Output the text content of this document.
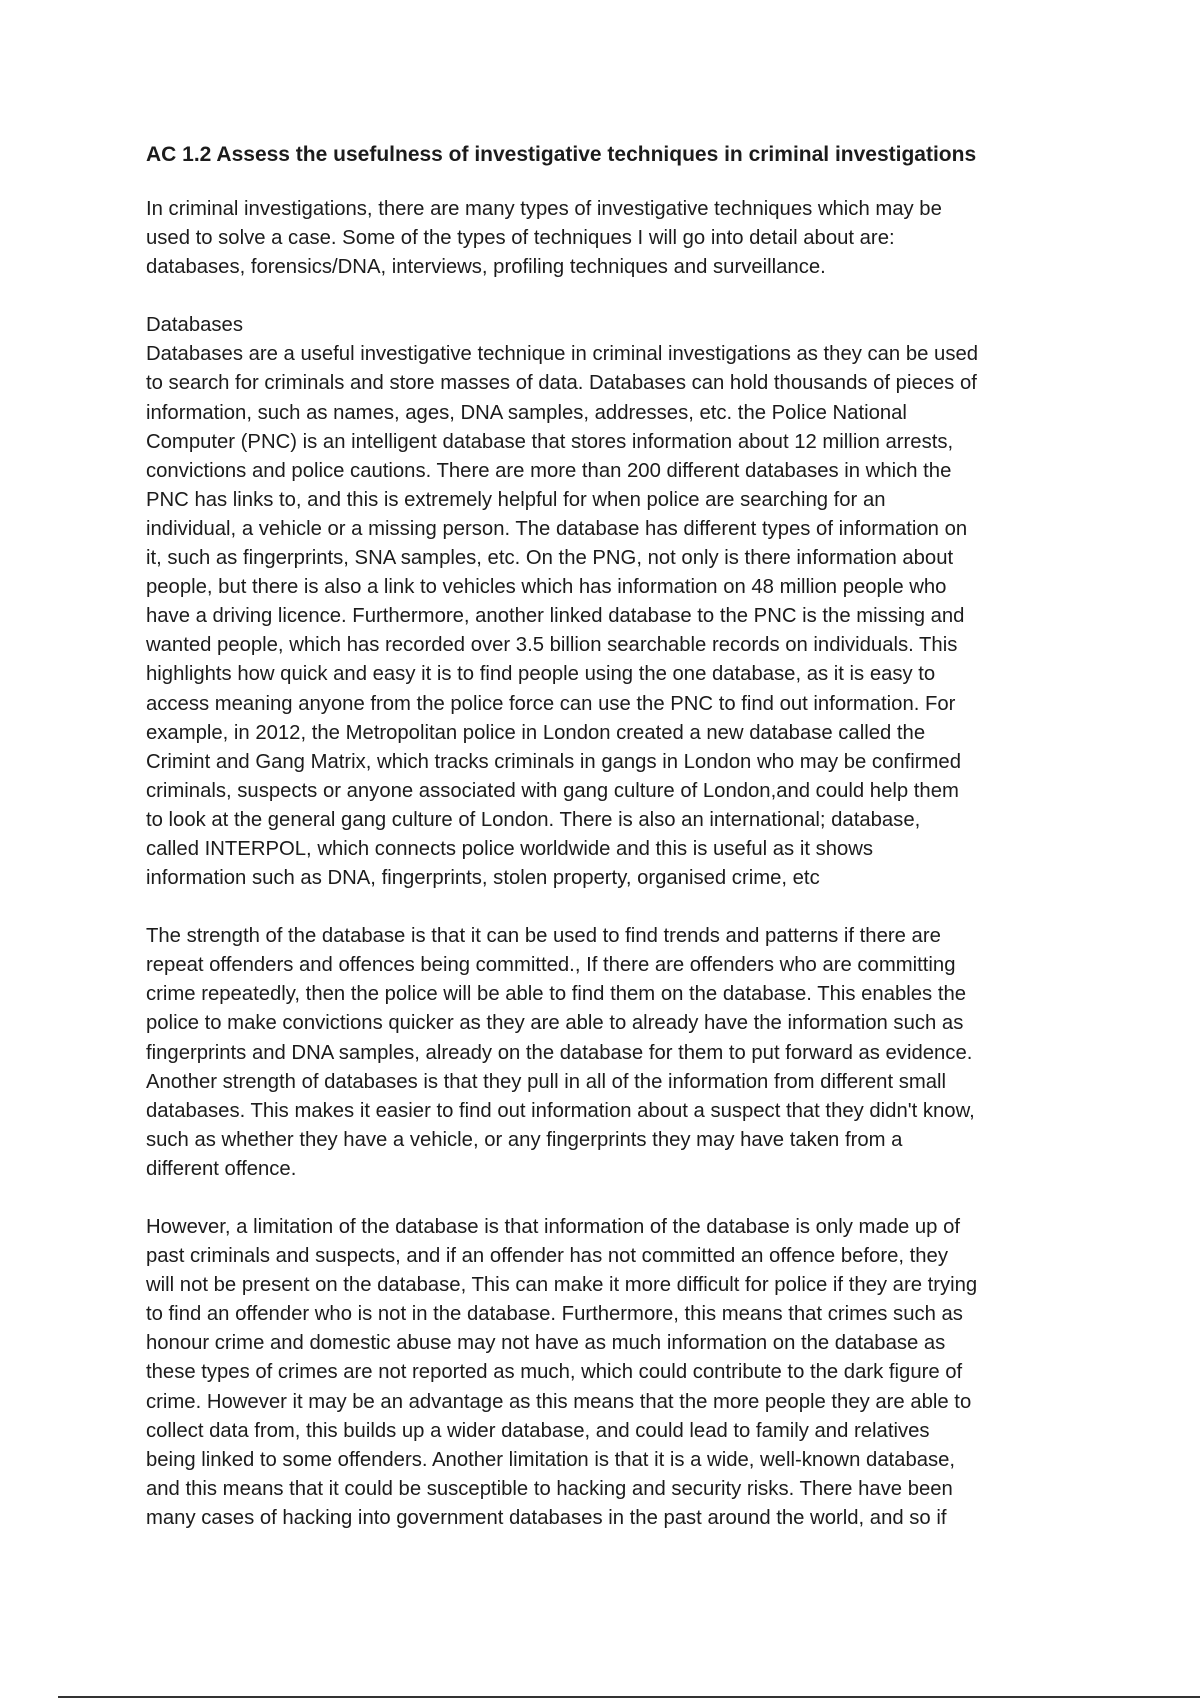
AC 1.2 Assess the usefulness of investigative techniques in criminal investigations

In criminal investigations, there are many types of investigative techniques which may be
used to solve a case. Some of the types of techniques I will go into detail about are:
databases, forensics/DNA, interviews, profiling techniques and surveillance.

Databases

Databases are a useful investigative technique in criminal investigations as they can be used
to search for criminals and store masses of data. Databases can hold thousands of pieces of
information, such as names, ages, DNA samples, addresses, etc. the Police National
Computer (PNC) is an intelligent database that stores information about 12 million arrests,
convictions and police cautions. There are more than 200 different databases in which the
PNC has links to, and this is extremely helpful for when police are searching for an
individual, a vehicle or a missing person. The database has different types of information on
it, such as fingerprints, SNA samples, etc. On the PNG, not only is there information about
people, but there is also a link to vehicles which has information on 48 million people who
have a driving licence. Furthermore, another linked database to the PNC is the missing and
wanted people, which has recorded over 3.5 billion searchable records on individuals. This
highlights how quick and easy it is to find people using the one database, as it is easy to
access meaning anyone from the police force can use the PNC to find out information. For
example, in 2012, the Metropolitan police in London created a new database called the
Crimint and Gang Matrix, which tracks criminals in gangs in London who may be confirmed
criminals, suspects or anyone associated with gang culture of London,and could help them
to look at the general gang culture of London. There is also an international; database,
called INTERPOL, which connects police worldwide and this is useful as it shows
information such as DNA, fingerprints, stolen property, organised crime, etc

The strength of the database is that it can be used to find trends and patterns if there are
repeat offenders and offences being committed., If there are offenders who are committing
crime repeatedly, then the police will be able to find them on the database. This enables the
police to make convictions quicker as they are able to already have the information such as
fingerprints and DNA samples, already on the database for them to put forward as evidence.
Another strength of databases is that they pull in all of the information from different small
databases. This makes it easier to find out information about a suspect that they didn't know,
such as whether they have a vehicle, or any fingerprints they may have taken from a
different offence.

However, a limitation of the database is that information of the database is only made up of
past criminals and suspects, and if an offender has not committed an offence before, they
will not be present on the database, This can make it more difficult for police if they are trying
to find an offender who is not in the database. Furthermore, this means that crimes such as
honour crime and domestic abuse may not have as much information on the database as
these types of crimes are not reported as much, which could contribute to the dark figure of
crime. However it may be an advantage as this means that the more people they are able to
collect data from, this builds up a wider database, and could lead to family and relatives
being linked to some offenders. Another limitation is that it is a wide, well-known database,
and this means that it could be susceptible to hacking and security risks. There have been
many cases of hacking into government databases in the past around the world, and so if
